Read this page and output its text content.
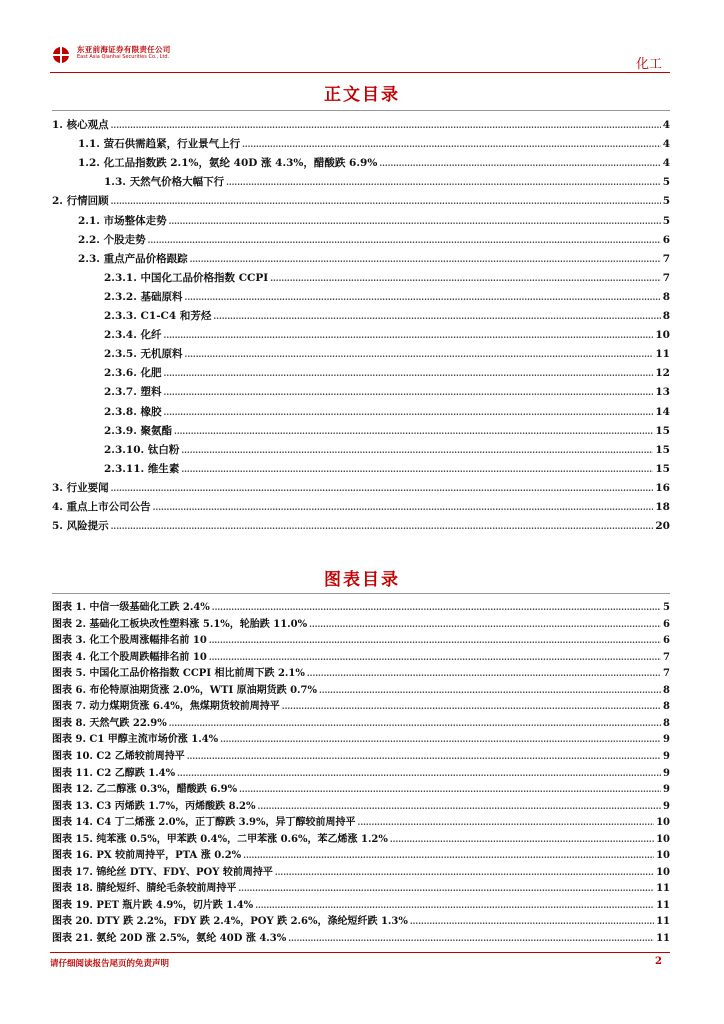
东亚前海证券有限责任公司
East Asia Qianhai Securities Co., Ltd.	化工
正文目录
1. 核心观点 .....	4
1.1. 萤石供需趋紧，行业景气上行 .....	4
1.2. 化工品指数跌 2.1%，氨纶 40D 涨 4.3%，醋酸跌 6.9% .....	4
1.3. 天然气价格大幅下行 .....	5
2. 行情回顾 .....	5
2.1. 市场整体走势 .....	5
2.2. 个股走势 .....	6
2.3. 重点产品价格跟踪 .....	7
2.3.1. 中国化工品价格指数 CCPI .....	7
2.3.2. 基础原料 .....	8
2.3.3. C1-C4 和芳烃 .....	8
2.3.4. 化纤 .....	10
2.3.5. 无机原料 .....	11
2.3.6. 化肥 .....	12
2.3.7. 塑料 .....	13
2.3.8. 橡胶 .....	14
2.3.9. 聚氨酯 .....	15
2.3.10. 钛白粉 .....	15
2.3.11. 维生素 .....	15
3. 行业要闻 .....	16
4. 重点上市公司公告 .....	18
5. 风险提示 .....	20
图表目录
图表 1. 中信一级基础化工跌 2.4% .....	5
图表 2. 基础化工板块改性塑料涨 5.1%，轮胎跌 11.0% .....	6
图表 3. 化工个股周涨幅排名前 10 .....	6
图表 4. 化工个股周跌幅排名前 10 .....	7
图表 5. 中国化工品价格指数 CCPI 相比前周下跌 2.1% .....	7
图表 6. 布伦特原油期货涨 2.0%，WTI 原油期货跌 0.7% .....	8
图表 7. 动力煤期货涨 6.4%，焦煤期货较前周持平 .....	8
图表 8. 天然气跌 22.9% .....	8
图表 9. C1 甲醇主流市场价涨 1.4% .....	9
图表 10. C2 乙烯较前周持平 .....	9
图表 11. C2 乙醇跌 1.4% .....	9
图表 12. 乙二醇涨 0.3%，醋酸跌 6.9% .....	9
图表 13. C3 丙烯跌 1.7%，丙烯酸跌 8.2% .....	9
图表 14. C4 丁二烯涨 2.0%，正丁醇跌 3.9%，异丁醇较前周持平 .....	10
图表 15. 纯苯涨 0.5%，甲苯跌 0.4%，二甲苯涨 0.6%，苯乙烯涨 1.2% .....	10
图表 16. PX 较前周持平，PTA 涨 0.2% .....	10
图表 17. 锦纶丝 DTY、FDY、POY 较前周持平 .....	10
图表 18. 腈纶短纤、腈纶毛条较前周持平 .....	11
图表 19. PET 瓶片跌 4.9%，切片跌 1.4% .....	11
图表 20. DTY 跌 2.2%，FDY 跌 2.4%，POY 跌 2.6%，涤纶短纤跌 1.3% .....	11
图表 21. 氨纶 20D 涨 2.5%，氨纶 40D 涨 4.3% .....	11
请仔细阅读报告尾页的免责声明	2
